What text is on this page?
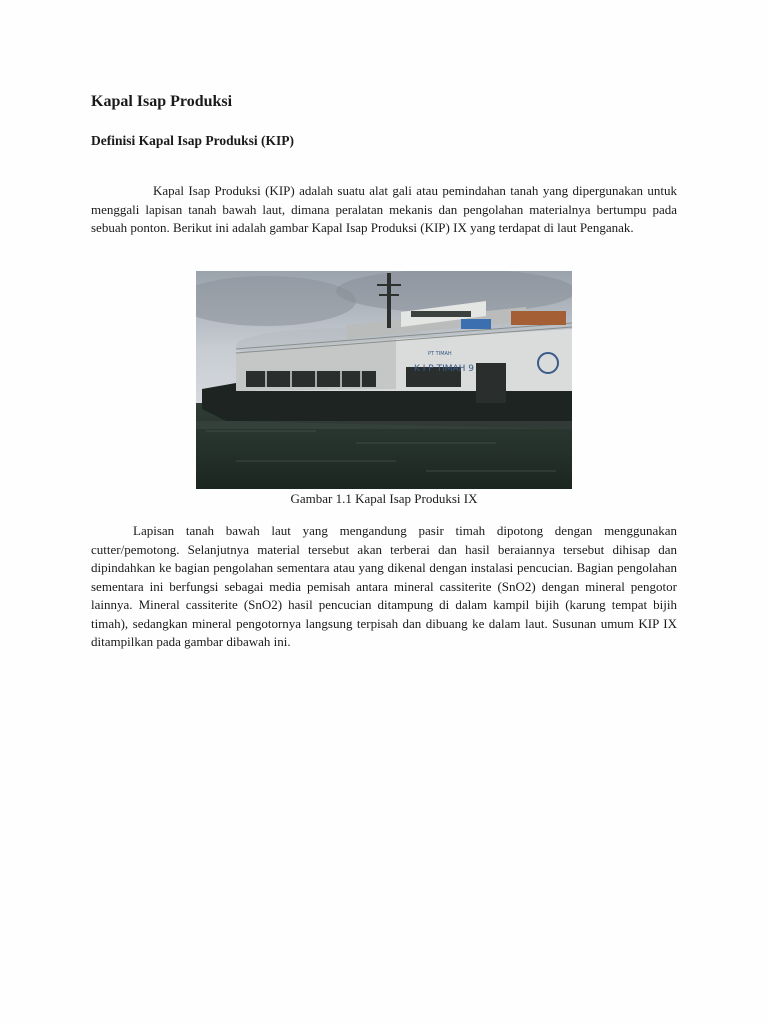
Kapal Isap Produksi
Definisi Kapal Isap Produksi (KIP)

Kapal Isap Produksi (KIP) adalah suatu alat gali atau pemindahan tanah yang dipergunakan untuk menggali lapisan tanah bawah laut, dimana peralatan mekanis dan pengolahan materialnya bertumpu pada sebuah ponton. Berikut ini adalah gambar Kapal Isap Produksi (KIP) IX yang terdapat di laut Penganak.

PT TIMAH
K I P TIMAH 9
Gambar 1.1 Kapal Isap Produksi IX

Lapisan tanah bawah laut yang mengandung pasir timah dipotong dengan menggunakan cutter/pemotong. Selanjutnya material tersebut akan terberai dan hasil beraiannya tersebut dihisap dan dipindahkan ke bagian pengolahan sementara atau yang dikenal dengan instalasi pencucian. Bagian pengolahan sementara ini berfungsi sebagai media pemisah antara mineral cassiterite (SnO2) dengan mineral pengotor lainnya. Mineral cassiterite (SnO2) hasil pencucian ditampung di dalam kampil bijih (karung tempat bijih timah), sedangkan mineral pengotornya langsung terpisah dan dibuang ke dalam laut. Susunan umum KIP IX ditampilkan pada gambar dibawah ini.
